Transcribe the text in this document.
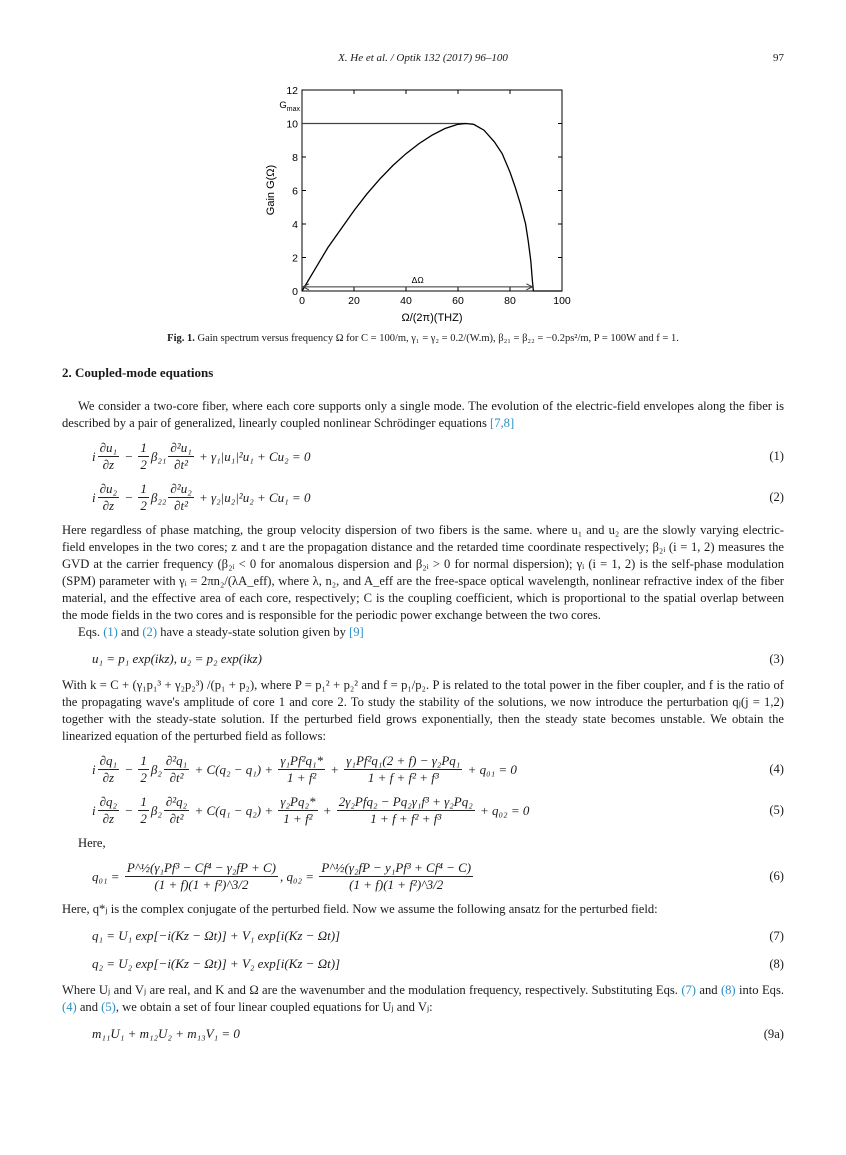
X. He et al. / Optik 132 (2017) 96–100	97
0	20	40	60	80	100
0
2
4
6
8
10
12
$G_{max}$
ΔΩ
Ω/(2π)(THZ)
Gain G(Ω)
Fig. 1. Gain spectrum versus frequency Ω for C = 100/m, γ₁ = γ₂ = 0.2/(W.m), β₂₁ = β₂₂ = −0.2ps²/m, P = 100W and f = 1.
2. Coupled-mode equations

We consider a two-core fiber, where each core supports only a single mode. The evolution of the electric-field envelopes along the fiber is described by a pair of generalized, linearly coupled nonlinear Schrödinger equations [7,8]

i $\frac{\text{∂u₁}}{\partial z} - \frac{1}{2} \beta_{21} \frac{\text{∂²u₁}}{\text{∂t²}} + \gamma_1|u_1|^2u_1 + Cu_2 = 0$	(1)
i $\frac{\text{∂u₂}}{\partial z} - \frac{1}{2} \beta_{22} \frac{\text{∂²u₂}}{\text{∂t²}} + \gamma_2|u_2|^2u_2 + Cu_1 = 0$	(2)

Here regardless of phase matching, the group velocity dispersion of two fibers is the same. where u₁ and u₂ are the slowly varying electric-field envelopes in the two cores; z and t are the propagation distance and the retarded time coordinate respectively; β₂ᵢ (i = 1, 2) measures the GVD at the carrier frequency (β₂ᵢ < 0 for anomalous dispersion and β₂ᵢ > 0 for normal dispersion); γᵢ (i = 1, 2) is the self-phase modulation (SPM) parameter with γᵢ = 2πn₂/(λA_eff), where λ, n₂, and A_eff are the free-space optical wavelength, nonlinear refractive index of the fiber material, and the effective area of each core, respectively; C is the coupling coefficient, which is proportional to the spatial overlap between the mode fields in the two cores and is responsible for the periodic power exchange between the two cores.

Eqs. (1) and (2) have a steady-state solution given by [9]

u₁ = p₁ exp(ikz), u₂ = p₂ exp(ikz)	(3)

With k = C + (γ₁p₁³ + γ₂p₂³) /(p₁ + p₂), where P = p₁² + p₂² and f = p₁/p₂. P is related to the total power in the fiber coupler, and f is the ratio of the propagating wave's amplitude of core 1 and core 2. To study the stability of the solutions, we now introduce the perturbation qⱼ(j = 1,2) together with the steady-state solution. If the perturbed field grows exponentially, then the steady state becomes unstable. We obtain the linearized equation of the perturbed field as follows:

i $\frac{\text{∂q₁}}{\partial z} - \frac{1}{2} \beta_2 \frac{\text{∂²q₁}}{\text{∂t²}} + C(q_2 - q_1) + \frac{\text{γ₁Pf²q₁*}}{\text{1 + f²}} + \frac{\text{γ₁Pf²q₁(2 + f) − γ₂Pq₁}}{\text{1 + f + f² + f³}} + q_{01} = 0$	(4)
i $\frac{\text{∂q₂}}{\partial z} - \frac{1}{2} \beta_2 \frac{\text{∂²q₂}}{\text{∂t²}} + C(q_1 - q_2) + \frac{\text{γ₂Pq₂*}}{\text{1 + f²}} + \frac{\text{2γ₂Pfq₂ − Pq₂γ₁f³ + γ₂Pq₂}}{\text{1 + f + f² + f³}} + q_{02} = 0$	(5)

Here,

$q_{01} = \frac{\text{P\textasciicircum{}½(γ₁Pf³ − Cf⁴ − γ₂fP + C)}}{\text{(1 + f)(1 + f²)\textasciicircum{}3/2}}$ , $q_{02} = \frac{\text{P\textasciicircum{}½(γ₂fP − y₁Pf³ + Cf⁴ − C)}}{\text{(1 + f)(1 + f²)\textasciicircum{}3/2}}$	(6)

Here, q*ⱼ is the complex conjugate of the perturbed field. Now we assume the following ansatz for the perturbed field:

q₁ = U₁ exp[−i(Kz − Ωt)] + V₁ exp[i(Kz − Ωt)]	(7)
q₂ = U₂ exp[−i(Kz − Ωt)] + V₂ exp[i(Kz − Ωt)]	(8)

Where Uⱼ and Vⱼ are real, and K and Ω are the wavenumber and the modulation frequency, respectively. Substituting Eqs. (7) and (8) into Eqs. (4) and (5), we obtain a set of four linear coupled equations for Uⱼ and Vⱼ:

m₁₁U₁ + m₁₂U₂ + m₁₃V₁ = 0	(9a)
